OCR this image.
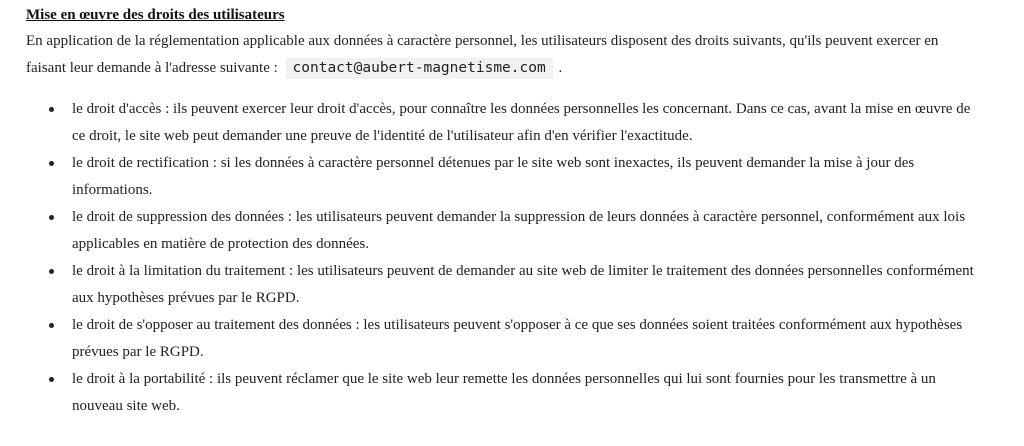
Mise en œuvre des droits des utilisateurs

En application de la réglementation applicable aux données à caractère personnel, les utilisateurs disposent des droits suivants, qu'ils peuvent exercer en faisant leur demande à l'adresse suivante : contact@aubert-magnetisme.com .

le droit d'accès : ils peuvent exercer leur droit d'accès, pour connaître les données personnelles les concernant. Dans ce cas, avant la mise en œuvre de ce droit, le site web peut demander une preuve de l'identité de l'utilisateur afin d'en vérifier l'exactitude.
le droit de rectification : si les données à caractère personnel détenues par le site web sont inexactes, ils peuvent demander la mise à jour des informations.
le droit de suppression des données : les utilisateurs peuvent demander la suppression de leurs données à caractère personnel, conformément aux lois applicables en matière de protection des données.
le droit à la limitation du traitement : les utilisateurs peuvent de demander au site web de limiter le traitement des données personnelles conformément aux hypothèses prévues par le RGPD.
le droit de s'opposer au traitement des données : les utilisateurs peuvent s'opposer à ce que ses données soient traitées conformément aux hypothèses prévues par le RGPD.
le droit à la portabilité : ils peuvent réclamer que le site web leur remette les données personnelles qui lui sont fournies pour les transmettre à un nouveau site web.
